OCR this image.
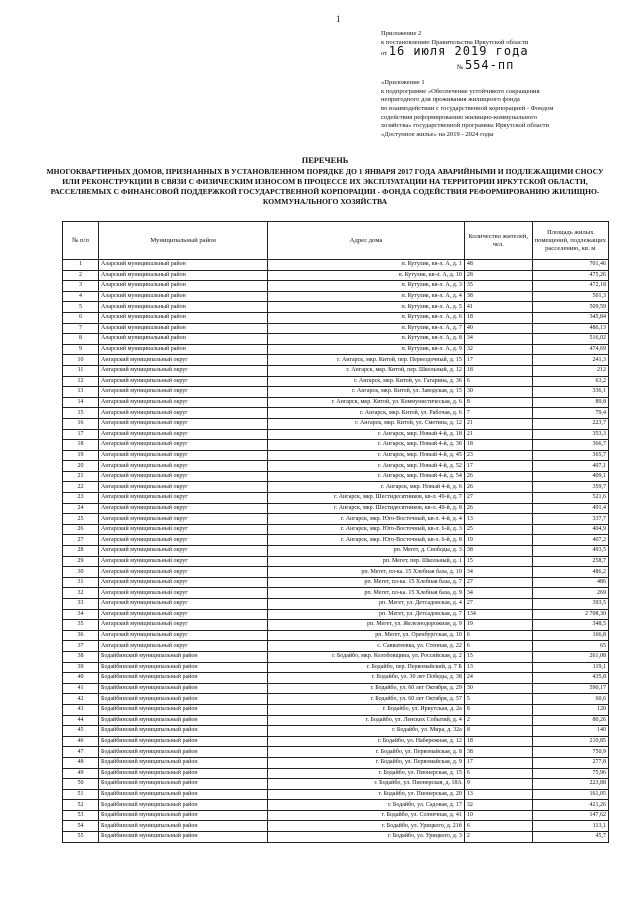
1
Приложение 2
к постановлению Правительства Иркутской области
от 16 июля 2019 года
№ 554-пп
«Приложение 1
к подпрограмме «Обеспечение устойчивого сокращения
непригодного для проживания жилищного фонда
во взаимодействии с государственной корпорацией - Фондом
содействия реформированию жилищно-коммунального
хозяйства» государственной программы Иркутской области
«Доступное жилье» на 2019 - 2024 годы
ПЕРЕЧЕНЬ
МНОГОКВАРТИРНЫХ ДОМОВ, ПРИЗНАННЫХ В УСТАНОВЛЕННОМ ПОРЯДКЕ ДО 1 ЯНВАРЯ 2017 ГОДА АВАРИЙНЫМИ И ПОДЛЕЖАЩИМИ СНОСУ ИЛИ РЕКОНСТРУКЦИИ В СВЯЗИ С ФИЗИЧЕСКИМ ИЗНОСОМ В ПРОЦЕССЕ ИХ ЭКСПЛУАТАЦИИ НА ТЕРРИТОРИИ ИРКУТСКОЙ ОБЛАСТИ, РАССЕЛЯЕМЫХ С ФИНАНСОВОЙ ПОДДЕРЖКОЙ ГОСУДАРСТВЕННОЙ КОРПОРАЦИИ - ФОНДА СОДЕЙСТВИЯ РЕФОРМИРОВАНИЮ ЖИЛИЩНО-КОММУНАЛЬНОГО ХОЗЯЙСТВА
№ п/п	Муниципальный район	Адрес дома	Количество жителей, чел.	Площадь жилых помещений, подлежащих расселению, кв. м
1	Аларский муниципальный район	п. Кутулик, кв-л. А, д. 1	48	701,46
2	Аларский муниципальный район	п. Кутулик, кв-л. А, д. 10	28	475,26
3	Аларский муниципальный район	п. Кутулик, кв-л. А, д. 3	35	472,18
4	Аларский муниципальный район	п. Кутулик, кв-л. А, д. 4	38	501,3
5	Аларский муниципальный район	п. Кутулик, кв-л. А, д. 5	41	509,59
6	Аларский муниципальный район	п. Кутулик, кв-л. А, д. 6	18	345,84
7	Аларский муниципальный район	п. Кутулик, кв-л. А, д. 7	40	486,13
8	Аларский муниципальный район	п. Кутулик, кв-л. А, д. 8	34	516,02
9	Аларский муниципальный район	п. Кутулик, кв-л. А, д. 9	32	474,69
10	Ангарский муниципальный округ	г. Ангарск, мкр. Китой, пер. Переездочный, д. 15	17	241,3
11	Ангарский муниципальный округ	г. Ангарск, мкр. Китой, пер. Школьный, д. 12	18	212
12	Ангарский муниципальный округ	г. Ангарск, мкр. Китой, ул. Гагарина, д. 36	6	63,2
13	Ангарский муниципальный округ	г. Ангарск, мкр. Китой, ул. Заводская, д. 15	30	336,1
14	Ангарский муниципальный округ	г. Ангарск, мкр. Китой, ул. Коммунистическая, д. 6	8	89,8
15	Ангарский муниципальный округ	г. Ангарск, мкр. Китой, ул. Рабочая, д. 6	7	79,4
16	Ангарский муниципальный округ	г. Ангарск, мкр. Китой, ул. Сметина, д. 12	21	223,7
17	Ангарский муниципальный округ	г. Ангарск, мкр. Новый 4-й, д. 18	21	353,3
18	Ангарский муниципальный округ	г. Ангарск, мкр. Новый 4-й, д. 36	18	366,7
19	Ангарский муниципальный округ	г. Ангарск, мкр. Новый 4-й, д. 45	23	365,7
20	Ангарский муниципальный округ	г. Ангарск, мкр. Новый 4-й, д. 52	17	407,1
21	Ангарский муниципальный округ	г. Ангарск, мкр. Новый 4-й, д. 54	26	409,1
22	Ангарский муниципальный округ	г. Ангарск, мкр. Новый 4-й, д. 6	26	359,7
23	Ангарский муниципальный округ	г. Ангарск, мкр. Шестидесятников, кв-л. 49-й, д. 7	27	521,6
24	Ангарский муниципальный округ	г. Ангарск, мкр. Шестидесятников, кв-л. 49-й, д. 8	26	491,4
25	Ангарский муниципальный округ	г. Ангарск, мкр. Юго-Восточный, кв-л. 4-й, д. 4	13	337,7
26	Ангарский муниципальный округ	г. Ангарск, мкр. Юго-Восточный, кв-л. 6-й, д. 3	25	404,9
27	Ангарский муниципальный округ	г. Ангарск, мкр. Юго-Восточный, кв-л. 6-й, д. 8	19	407,2
28	Ангарский муниципальный округ	рп. Мегет, д. Свободы, д. 3	38	493,5
29	Ангарский муниципальный округ	рп. Мегет, пер. Школьный, д. 1	15	258,7
30	Ангарский муниципальный округ	рп. Мегет, пл-ка. 15 Хлебная база, д. 10	34	486,2
31	Ангарский муниципальный округ	рп. Мегет, пл-ка. 15 Хлебная база, д. 7	27	486
32	Ангарский муниципальный округ	рп. Мегет, пл-ка. 15 Хлебная база, д. 9	34	269
33	Ангарский муниципальный округ	рп. Мегет, ул. Детсадовская, д. 4	27	393,5
34	Ангарский муниципальный округ	рп. Мегет, ул. Детсадовская, д. 7	134	2 708,30
35	Ангарский муниципальный округ	рп. Мегет, ул. Железнодорожная, д. 9	19	348,5
36	Ангарский муниципальный округ	рп. Мегет, ул. Оренбургская, д. 10	6	166,8
37	Ангарский муниципальный округ	с. Савватеевка, ул. Степная, д. 22	6	65
38	Бодайбинский муниципальный район	г. Бодайбо, мкр. Колобовщина, ул. Российская, д. 2	15	261,08
39	Бодайбинский муниципальный район	г. Бодайбо, пер. Первомайский, д. 7 Б	13	119,1
40	Бодайбинский муниципальный район	г. Бодайбо, ул. 30 лет Победы, д. 38	24	435,8
41	Бодайбинский муниципальный район	г. Бодайбо, ул. 60 лет Октября, д. 29	30	590,17
42	Бодайбинский муниципальный район	г. Бодайбо, ул. 60 лет Октября, д. 57	5	60,6
43	Бодайбинский муниципальный район	г. Бодайбо, ул. Иркутская, д. 2а	8	120
44	Бодайбинский муниципальный район	г. Бодайбо, ул. Ленских Событий, д. 4	2	80,26
45	Бодайбинский муниципальный район	г. Бодайбо, ул. Мира, д. 32а	8	140
46	Бодайбинский муниципальный район	г. Бодайбо, ул. Набережная, д. 12	18	210,85
47	Бодайбинский муниципальный район	г. Бодайбо, ул. Первомайская, д. 8	38	750,9
48	Бодайбинский муниципальный район	г. Бодайбо, ул. Первомайская, д. 9	17	277,8
49	Бодайбинский муниципальный район	г. Бодайбо, ул. Пионерская, д. 15	6	75,96
50	Бодайбинский муниципальный район	г. Бодайбо, ул. Пионерская, д. 18А	9	223,88
51	Бодайбинский муниципальный район	г. Бодайбо, ул. Пионерская, д. 20	13	161,05
52	Бодайбинский муниципальный район	г. Бодайбо, ул. Садовая, д. 17	32	421,26
53	Бодайбинский муниципальный район	г. Бодайбо, ул. Солнечная, д. 41	10	147,62
54	Бодайбинский муниципальный район	г. Бодайбо, ул. Урицкого, д. 21б	6	113,1
55	Бодайбинский муниципальный район	г. Бодайбо, ул. Урицкого, д. 3	2	45,7
